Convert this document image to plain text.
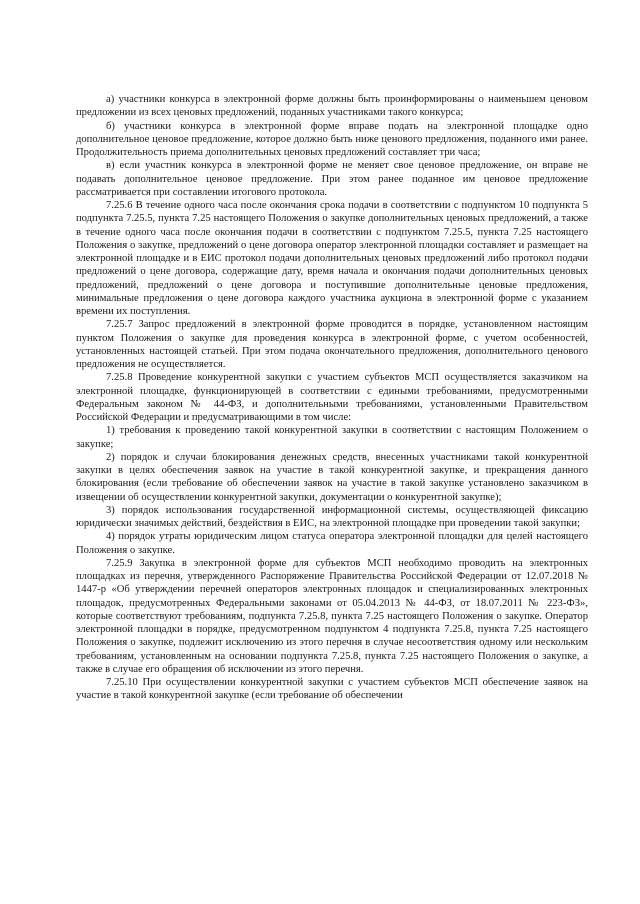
а) участники конкурса в электронной форме должны быть проинформированы о наименьшем ценовом предложении из всех ценовых предложений, поданных участниками такого конкурса;

б) участники конкурса в электронной форме вправе подать на электронной площадке одно дополнительное ценовое предложение, которое должно быть ниже ценового предложения, поданного ими ранее. Продолжительность приема дополнительных ценовых предложений составляет три часа;

в) если участник конкурса в электронной форме не меняет свое ценовое предложение, он вправе не подавать дополнительное ценовое предложение. При этом ранее поданное им ценовое предложение рассматривается при составлении итогового протокола.

7.25.6 В течение одного часа после окончания срока подачи в соответствии с подпунктом 10 подпункта 5 подпункта 7.25.5, пункта 7.25 настоящего Положения о закупке дополнительных ценовых предложений, а также в течение одного часа после окончания подачи в соответствии с подпунктом 7.25.5, пункта 7.25 настоящего Положения о закупке, предложений о цене договора оператор электронной площадки составляет и размещает на электронной площадке и в ЕИС протокол подачи дополнительных ценовых предложений либо протокол подачи предложений о цене договора, содержащие дату, время начала и окончания подачи дополнительных ценовых предложений, предложений о цене договора и поступившие дополнительные ценовые предложения, минимальные предложения о цене договора каждого участника аукциона в электронной форме с указанием времени их поступления.

7.25.7 Запрос предложений в электронной форме проводится в порядке, установленном настоящим пунктом Положения о закупке для проведения конкурса в электронной форме, с учетом особенностей, установленных настоящей статьей. При этом подача окончательного предложения, дополнительного ценового предложения не осуществляется.

7.25.8 Проведение конкурентной закупки с участием субъектов МСП осуществляется заказчиком на электронной площадке, функционирующей в соответствии с едиными требованиями, предусмотренными Федеральным законом № 44-ФЗ, и дополнительными требованиями, установленными Правительством Российской Федерации и предусматривающими в том числе:

1) требования к проведению такой конкурентной закупки в соответствии с настоящим Положением о закупке;

2) порядок и случаи блокирования денежных средств, внесенных участниками такой конкурентной закупки в целях обеспечения заявок на участие в такой конкурентной закупке, и прекращения данного блокирования (если требование об обеспечении заявок на участие в такой закупке установлено заказчиком в извещении об осуществлении конкурентной закупки, документации о конкурентной закупке);

3) порядок использования государственной информационной системы, осуществляющей фиксацию юридически значимых действий, бездействия в ЕИС, на электронной площадке при проведении такой закупки;

4) порядок утраты юридическим лицом статуса оператора электронной площадки для целей настоящего Положения о закупке.

7.25.9 Закупка в электронной форме для субъектов МСП необходимо проводить на электронных площадках из перечня, утвержденного Распоряжение Правительства Российской Федерации от 12.07.2018 № 1447-р «Об утверждении перечней операторов электронных площадок и специализированных электронных площадок, предусмотренных Федеральными законами от 05.04.2013 № 44-ФЗ, от 18.07.2011 № 223-ФЗ», которые соответствуют требованиям, подпункта 7.25.8, пункта 7.25 настоящего Положения о закупке. Оператор электронной площадки в порядке, предусмотренном подпунктом 4 подпункта 7.25.8, пункта 7.25 настоящего Положения о закупке, подлежит исключению из этого перечня в случае несоответствия одному или нескольким требованиям, установленным на основании подпункта 7.25.8, пункта 7.25 настоящего Положения о закупке, а также в случае его обращения об исключении из этого перечня.

7.25.10 При осуществлении конкурентной закупки с участием субъектов МСП обеспечение заявок на участие в такой конкурентной закупке (если требование об обеспечении
